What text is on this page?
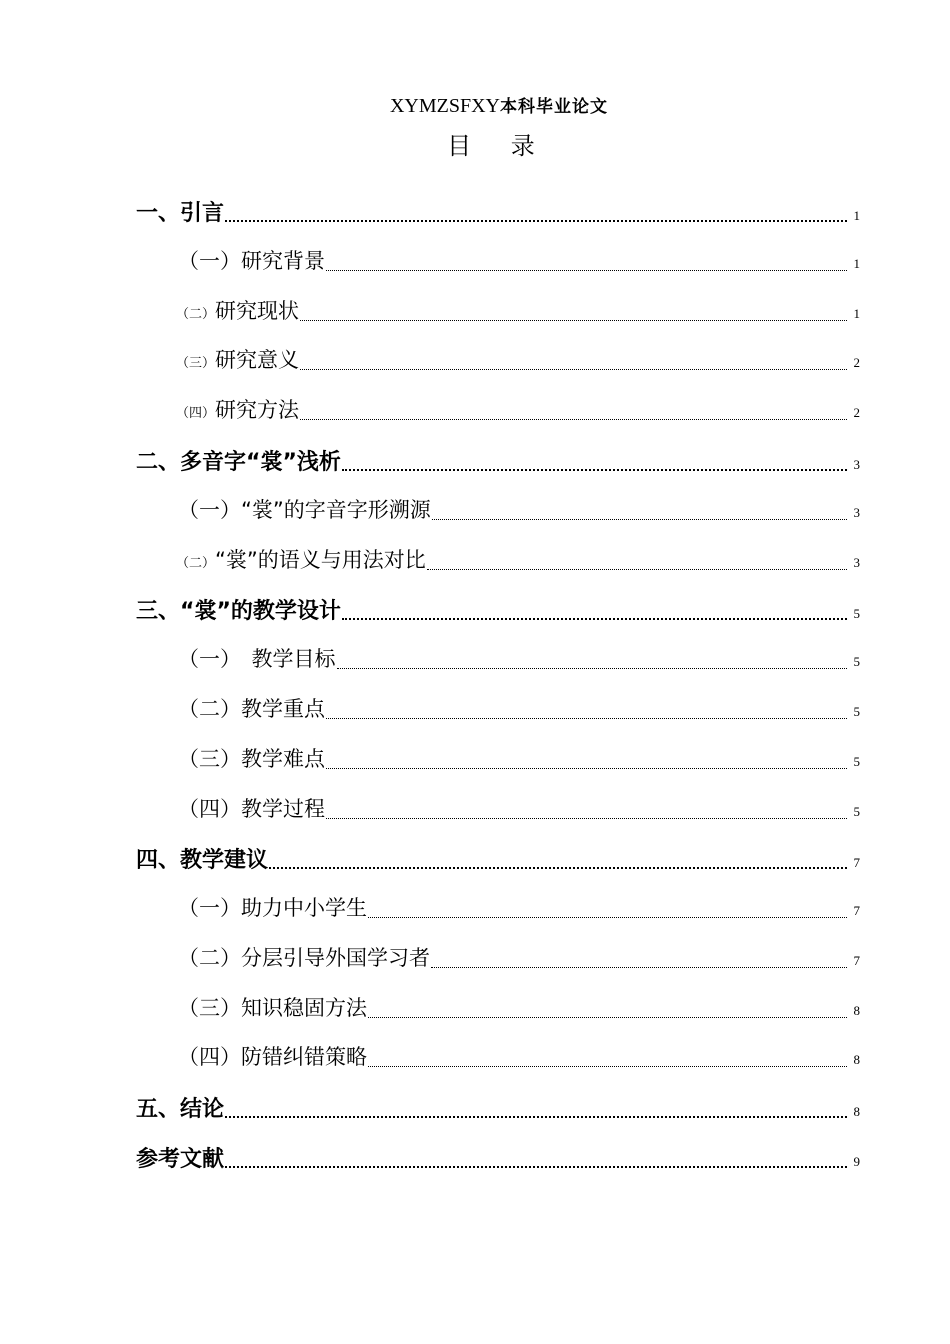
XYMZSFXY本科毕业论文
目 录
一、引言	1
（一）研究背景	1
（二）研究现状	1
（三）研究意义	2
（四）研究方法	2
二、多音字“裳”浅析	3
（一）“裳”的字音字形溯源	3
（二）“裳”的语义与用法对比	3
三、“裳”的教学设计	5
（一）　 教学目标	5
（二）教学重点	5
（三）教学难点	5
（四）教学过程	5
四、教学建议	7
（一）助力中小学生	7
（二）分层引导外国学习者	7
（三）知识稳固方法	8
（四）防错纠错策略	8
五、结论	8
参考文献	9
